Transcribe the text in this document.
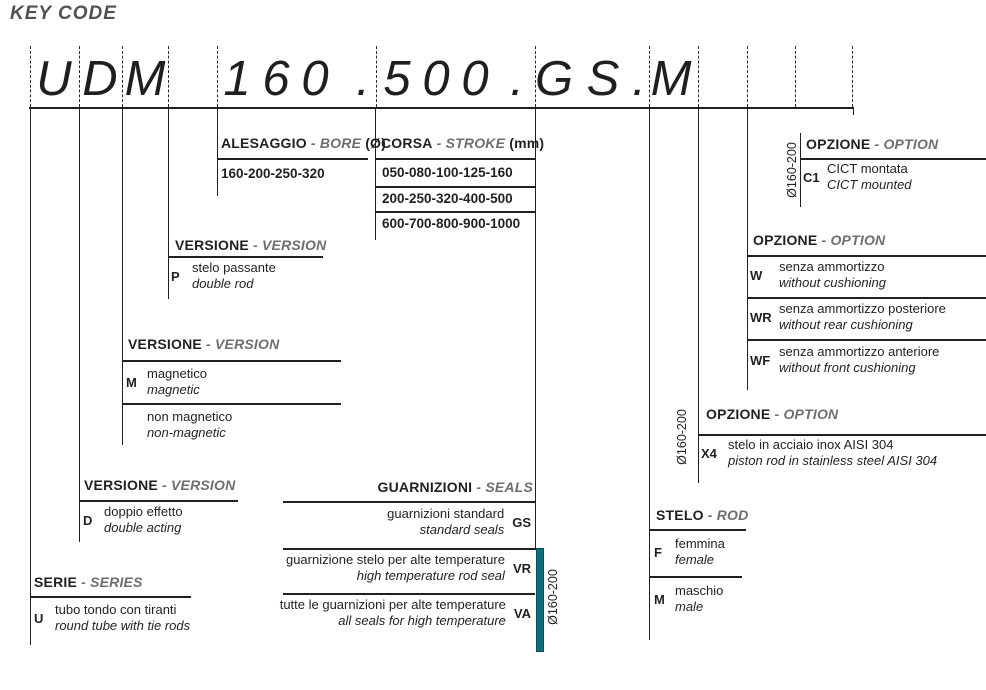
KEY CODE
U D M 1 6 0 . 5 0 0 . G S . M
ALESAGGIO - BORE (Ø)
160-200-250-320
CORSA - STROKE (mm)
050-080-100-125-160
200-250-320-400-500
600-700-800-900-1000
VERSIONE - VERSION
P
stelo passante
double rod
VERSIONE - VERSION
M
magnetico
magnetic
non magnetico
non-magnetic
VERSIONE - VERSION
D
doppio effetto
double acting
SERIE - SERIES
U
tubo tondo con tiranti
round tube with tie rods
GUARNIZIONI - SEALS
guarnizioni standard
standard seals GS
guarnizione stelo per alte temperature
high temperature rod seal VR
tutte le guarnizioni per alte temperature
all seals for high temperature VA Ø160-200
STELO - ROD
F
femmina
female
M
maschio
male
Ø160-200 OPZIONE - OPTION
X4
stelo in acciaio inox AISI 304
piston rod in stainless steel AISI 304
OPZIONE - OPTION
W
senza ammortizzo
without cushioning
WR
senza ammortizzo posteriore
without rear cushioning
WF
senza ammortizzo anteriore
without front cushioning
Ø160-200 OPZIONE - OPTION
C1
CICT montata
CICT mounted
